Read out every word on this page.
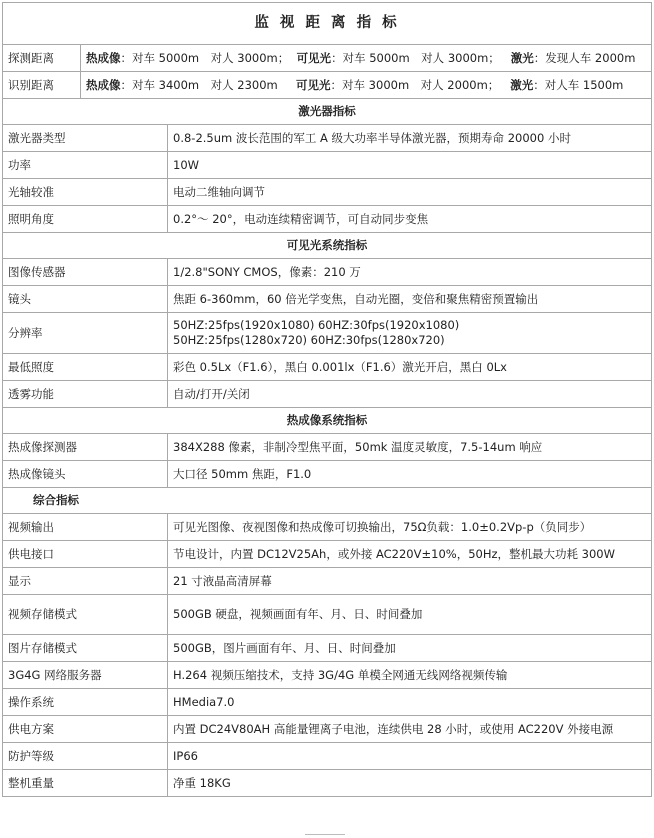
监 视 距 离 指 标		
探测距离	热成像：对车 5000m　对人 3000m； 可见光：对车 5000m　对人 3000m； 激光：发现人车 2000m	
识别距离	热成像：对车 3400m　对人 2300m 可见光：对车 3000m　对人 2000m； 激光：对人车 1500m	
激光器指标		
激光器类型		0.8-2.5um 波长范围的军工 A 级大功率半导体激光器，预期寿命 20000 小时
功率		10W
光轴较准		电动二维轴向调节
照明角度		0.2°～ 20°，电动连续精密调节，可自动同步变焦
可见光系统指标		
图像传感器		1/2.8"SONY CMOS，像素：210 万
镜头		焦距 6-360mm，60 倍光学变焦，自动光圈，变倍和聚焦精密预置输出
分辨率		50HZ:25fps(1920x1080) 60HZ:30fps(1920x1080)
50HZ:25fps(1280x720) 60HZ:30fps(1280x720)

最低照度		彩色 0.5Lx（F1.6），黑白 0.001lx（F1.6）激光开启，黑白 0Lx
透雾功能		自动/打开/关闭
热成像系统指标		
热成像探测器		384X288 像素，非制冷型焦平面，50mk 温度灵敏度，7.5-14um 响应
热成像镜头		大口径 50mm 焦距，F1.0
综合指标		
视频输出		可见光图像、夜视图像和热成像可切换输出，75Ω负载：1.0±0.2Vp-p（负同步）
供电接口		节电设计，内置 DC12V25Ah，或外接 AC220V±10%，50Hz，整机最大功耗 300W
显示		21 寸液晶高清屏幕
视频存储模式		500GB 硬盘，视频画面有年、月、日、时间叠加
图片存储模式		500GB，图片画面有年、月、日、时间叠加
3G4G 网络服务器		H.264 视频压缩技术，支持 3G/4G 单模全网通无线网络视频传输
操作系统		HMedia7.0
供电方案		内置 DC24V80AH 高能量锂离子电池，连续供电 28 小时，或使用 AC220V 外接电源
防护等级		IP66
整机重量		净重 18KG
